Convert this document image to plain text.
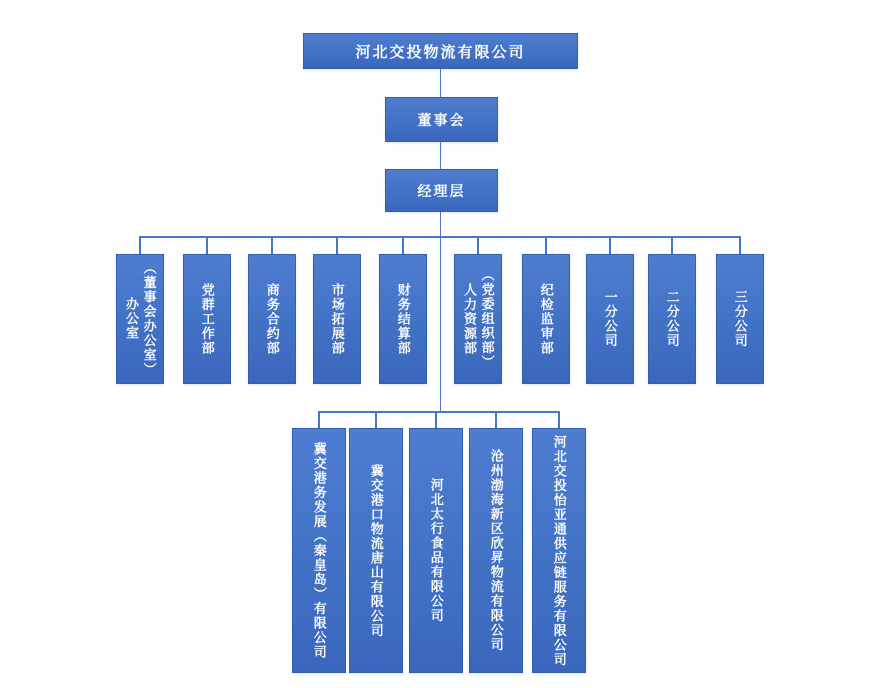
河北交投物流有限公司
董事会
经理层
办公室 （董事会办公室）	党群工作部	商务合约部	市场拓展部	财务结算部	人力资源部 （党委组织部）	纪检监审部	一分公司	二分公司	三分公司
冀交港务发展（秦皇岛）有限公司	冀交港口物流唐山有限公司	河北太行食品有限公司	沧州渤海新区欣昇物流有限公司	河北交投怡亚通供应链服务有限公司
